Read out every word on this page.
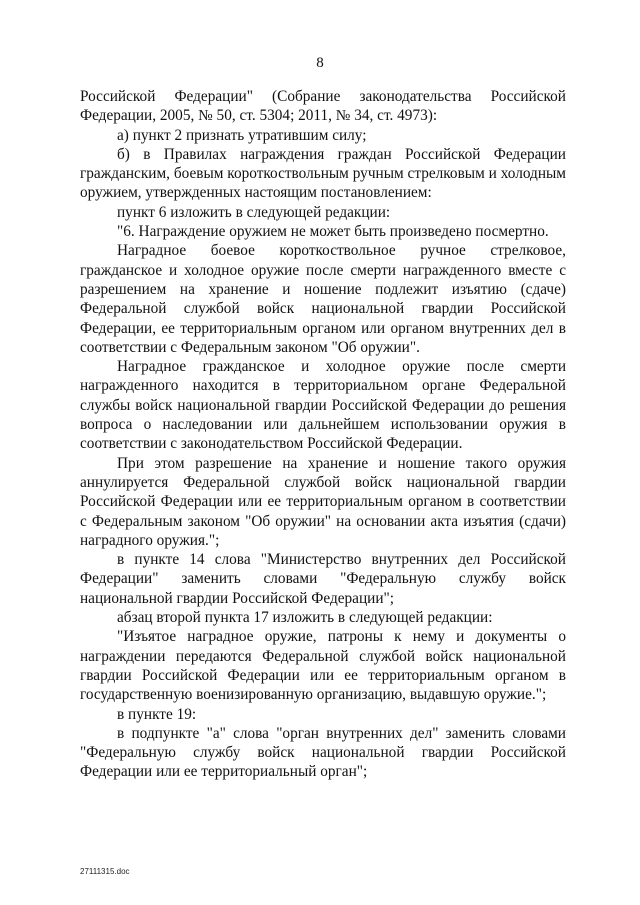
8

Российской Федерации" (Собрание законодательства Российской Федерации, 2005, № 50, ст. 5304; 2011, № 34, ст. 4973):

а) пункт 2 признать утратившим силу;

б) в Правилах награждения граждан Российской Федерации гражданским, боевым короткоствольным ручным стрелковым и холодным оружием, утвержденных настоящим постановлением:

пункт 6 изложить в следующей редакции:

"6. Награждение оружием не может быть произведено посмертно.

Наградное боевое короткоствольное ручное стрелковое, гражданское и холодное оружие после смерти награжденного вместе с разрешением на хранение и ношение подлежит изъятию (сдаче) Федеральной службой войск национальной гвардии Российской Федерации, ее территориальным органом или органом внутренних дел в соответствии с Федеральным законом "Об оружии".

Наградное гражданское и холодное оружие после смерти награжденного находится в территориальном органе Федеральной службы войск национальной гвардии Российской Федерации до решения вопроса о наследовании или дальнейшем использовании оружия в соответствии с законодательством Российской Федерации.

При этом разрешение на хранение и ношение такого оружия аннулируется Федеральной службой войск национальной гвардии Российской Федерации или ее территориальным органом в соответствии с Федеральным законом "Об оружии" на основании акта изъятия (сдачи) наградного оружия.";

в пункте 14 слова "Министерство внутренних дел Российской Федерации" заменить словами "Федеральную службу войск национальной гвардии Российской Федерации";

абзац второй пункта 17 изложить в следующей редакции:

"Изъятое наградное оружие, патроны к нему и документы о награждении передаются Федеральной службой войск национальной гвардии Российской Федерации или ее территориальным органом в государственную военизированную организацию, выдавшую оружие.";

в пункте 19:

в подпункте "а" слова "орган внутренних дел" заменить словами "Федеральную службу войск национальной гвардии Российской Федерации или ее территориальный орган";

27111315.doc
